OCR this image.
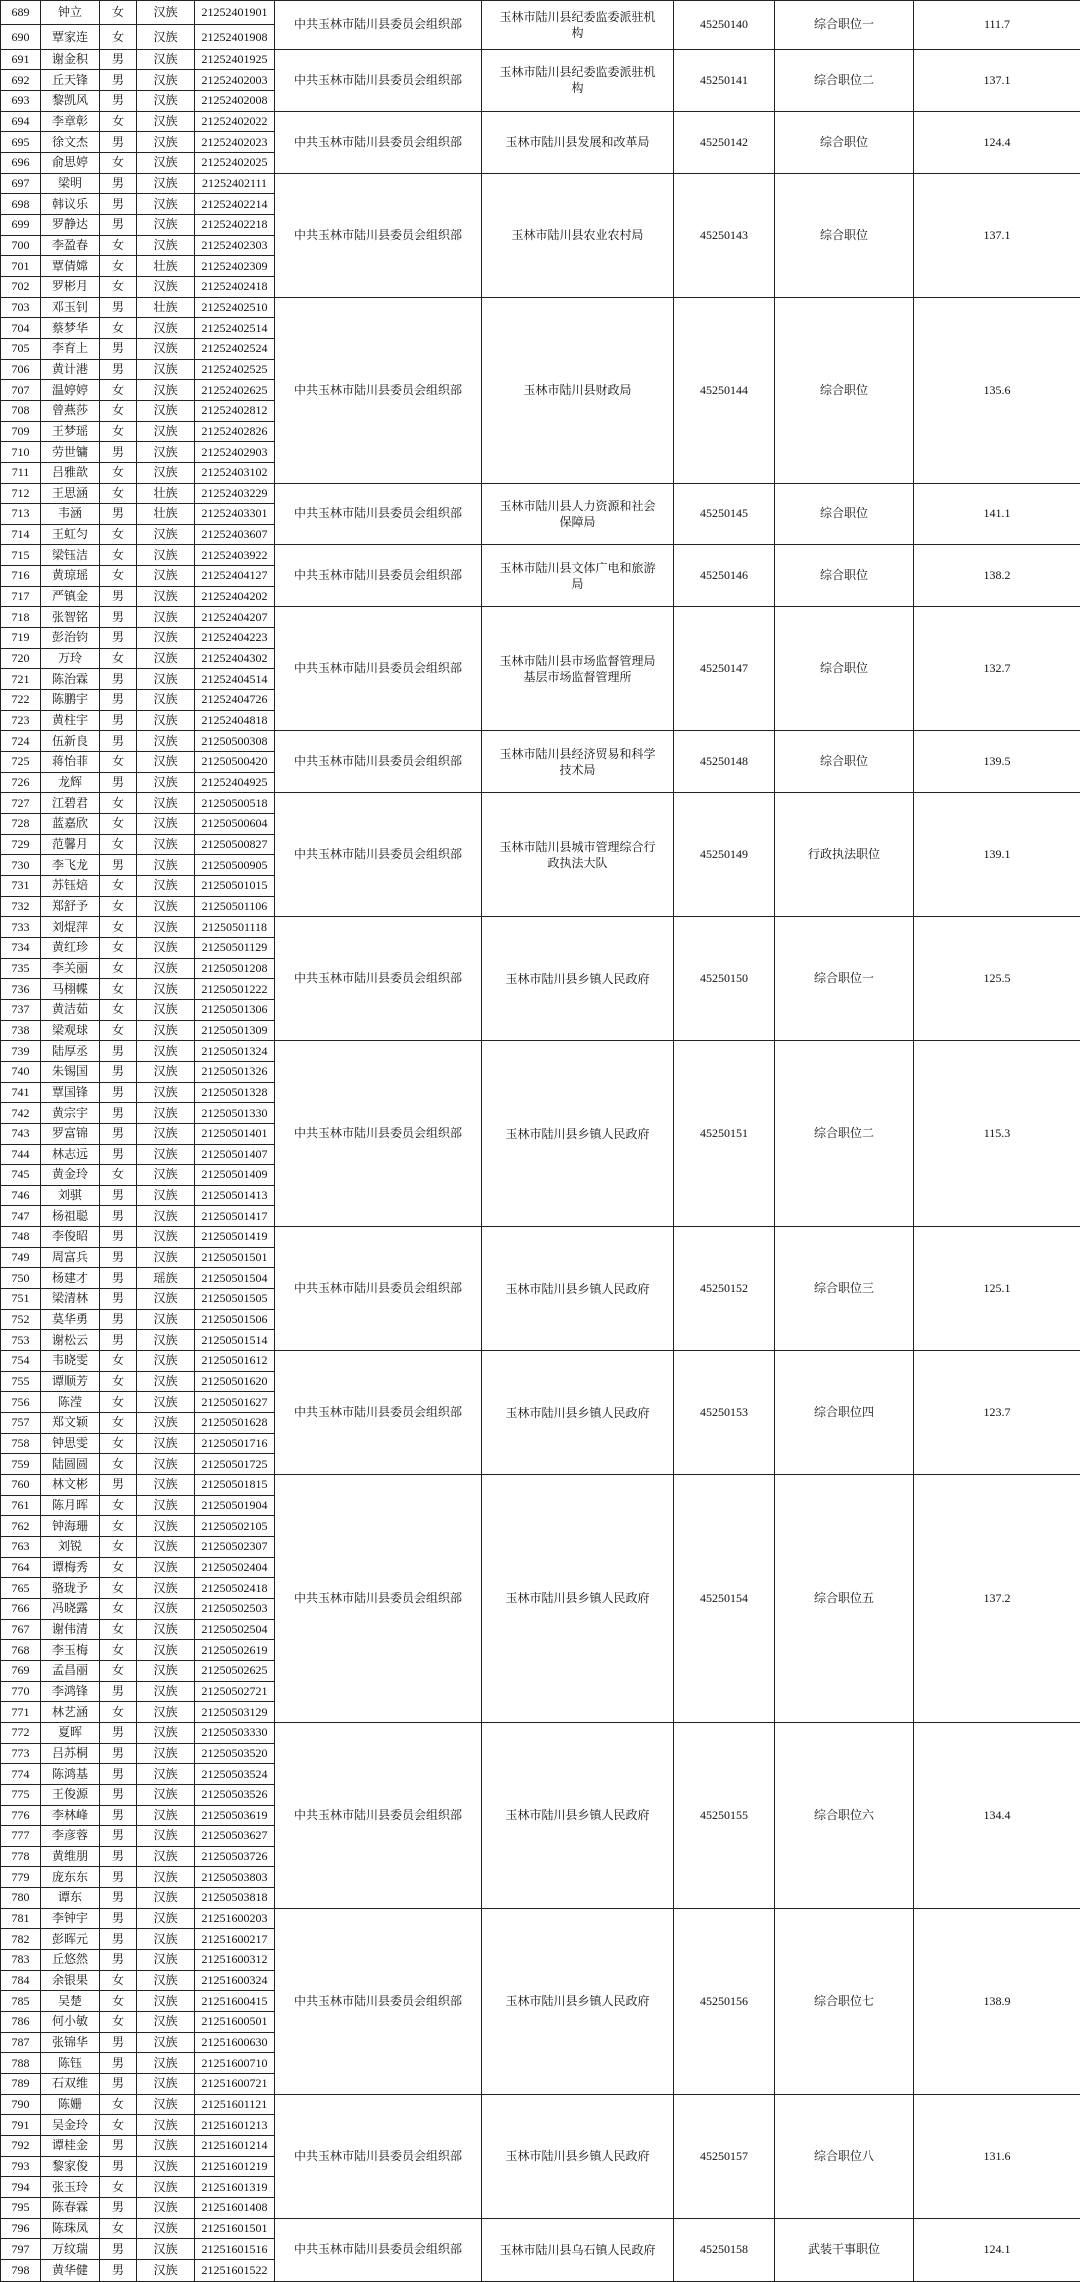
689	钟立	女	汉族	21252401901	中共玉林市陆川县委员会组织部	玉林市陆川县纪委监委派驻机构	45250140	综合职位一	111.7
690	覃家连	女	汉族	21252401908					
691	谢金积	男	汉族	21252401925	中共玉林市陆川县委员会组织部	玉林市陆川县纪委监委派驻机构	45250141	综合职位二	137.1
692	丘天锋	男	汉族	21252402003					
693	黎凯风	男	汉族	21252402008					
694	李章彰	女	汉族	21252402022	中共玉林市陆川县委员会组织部	玉林市陆川县发展和改革局	45250142	综合职位	124.4
695	徐文杰	男	汉族	21252402023					
696	俞思婷	女	汉族	21252402025					
697	梁明	男	汉族	21252402111	中共玉林市陆川县委员会组织部	玉林市陆川县农业农村局	45250143	综合职位	137.1
698	韩议乐	男	汉族	21252402214					
699	罗静达	男	汉族	21252402218					
700	李盈春	女	汉族	21252402303					
701	覃倩嫦	女	壮族	21252402309					
702	罗彬月	女	汉族	21252402418					
703	邓玉钊	男	壮族	21252402510	中共玉林市陆川县委员会组织部	玉林市陆川县财政局	45250144	综合职位	135.6
704	蔡梦华	女	汉族	21252402514					
705	李育上	男	汉族	21252402524					
706	黄计港	男	汉族	21252402525					
707	温婷婷	女	汉族	21252402625					
708	曾燕莎	女	汉族	21252402812					
709	王梦瑶	女	汉族	21252402826					
710	劳世镛	男	汉族	21252402903					
711	吕雅歆	女	汉族	21252403102					
712	王思涵	女	壮族	21252403229	中共玉林市陆川县委员会组织部	玉林市陆川县人力资源和社会保障局	45250145	综合职位	141.1
713	韦涵	男	壮族	21252403301					
714	王虹匀	女	汉族	21252403607					
715	梁钰洁	女	汉族	21252403922	中共玉林市陆川县委员会组织部	玉林市陆川县文体广电和旅游局	45250146	综合职位	138.2
716	黄琼瑶	女	汉族	21252404127					
717	严镇金	男	汉族	21252404202					
718	张智铭	男	汉族	21252404207	中共玉林市陆川县委员会组织部	玉林市陆川县市场监督管理局基层市场监督管理所	45250147	综合职位	132.7
719	彭治钧	男	汉族	21252404223					
720	万玲	女	汉族	21252404302					
721	陈治霖	男	汉族	21252404514					
722	陈鹏宇	男	汉族	21252404726					
723	黄柱宇	男	汉族	21252404818					
724	伍新良	男	汉族	21250500308	中共玉林市陆川县委员会组织部	玉林市陆川县经济贸易和科学技术局	45250148	综合职位	139.5
725	蒋怡菲	女	汉族	21250500420					
726	龙辉	男	汉族	21252404925					
727	江碧君	女	汉族	21250500518	中共玉林市陆川县委员会组织部	玉林市陆川县城市管理综合行政执法大队	45250149	行政执法职位	139.1
728	蓝嘉欣	女	汉族	21250500604					
729	范馨月	女	汉族	21250500827					
730	李飞龙	男	汉族	21250500905					
731	苏钰焙	女	汉族	21250501015					
732	郑舒予	女	汉族	21250501106					
733	刘焜萍	女	汉族	21250501118	中共玉林市陆川县委员会组织部	玉林市陆川县乡镇人民政府	45250150	综合职位一	125.5
734	黄红珍	女	汉族	21250501129					
735	李关丽	女	汉族	21250501208					
736	马栩幉	女	汉族	21250501222					
737	黄洁茹	女	汉族	21250501306					
738	梁观球	女	汉族	21250501309					
739	陆厚丞	男	汉族	21250501324	中共玉林市陆川县委员会组织部	玉林市陆川县乡镇人民政府	45250151	综合职位二	115.3
740	朱锡国	男	汉族	21250501326					
741	覃国锋	男	汉族	21250501328					
742	黄宗宇	男	汉族	21250501330					
743	罗富锦	男	汉族	21250501401					
744	林志远	男	汉族	21250501407					
745	黄金玲	女	汉族	21250501409					
746	刘骐	男	汉族	21250501413					
747	杨祖聪	男	汉族	21250501417					
748	李俊昭	男	汉族	21250501419	中共玉林市陆川县委员会组织部	玉林市陆川县乡镇人民政府	45250152	综合职位三	125.1
749	周富兵	男	汉族	21250501501					
750	杨建才	男	瑶族	21250501504					
751	梁清林	男	汉族	21250501505					
752	莫华勇	男	汉族	21250501506					
753	谢松云	男	汉族	21250501514					
754	韦晓雯	女	汉族	21250501612	中共玉林市陆川县委员会组织部	玉林市陆川县乡镇人民政府	45250153	综合职位四	123.7
755	谭顺芳	女	汉族	21250501620					
756	陈滢	女	汉族	21250501627					
757	郑文颖	女	汉族	21250501628					
758	钟思雯	女	汉族	21250501716					
759	陆圆圆	女	汉族	21250501725					
760	林文彬	男	汉族	21250501815	中共玉林市陆川县委员会组织部	玉林市陆川县乡镇人民政府	45250154	综合职位五	137.2
761	陈月晖	女	汉族	21250501904					
762	钟海珊	女	汉族	21250502105					
763	刘锐	女	汉族	21250502307					
764	谭梅秀	女	汉族	21250502404					
765	骆珑予	女	汉族	21250502418					
766	冯晓露	女	汉族	21250502503					
767	谢伟清	女	汉族	21250502504					
768	李玉梅	女	汉族	21250502619					
769	孟昌丽	女	汉族	21250502625					
770	李鸿锋	男	汉族	21250502721					
771	林艺涵	女	汉族	21250503129					
772	夏晖	男	汉族	21250503330	中共玉林市陆川县委员会组织部	玉林市陆川县乡镇人民政府	45250155	综合职位六	134.4
773	吕苏桐	男	汉族	21250503520					
774	陈鸿基	男	汉族	21250503524					
775	王俊源	男	汉族	21250503526					
776	李林峰	男	汉族	21250503619					
777	李彦蓉	男	汉族	21250503627					
778	黄维朋	男	汉族	21250503726					
779	庞东东	男	汉族	21250503803					
780	谭东	男	汉族	21250503818					
781	李钟宇	男	汉族	21251600203	中共玉林市陆川县委员会组织部	玉林市陆川县乡镇人民政府	45250156	综合职位七	138.9
782	彭晖元	男	汉族	21251600217					
783	丘悠然	男	汉族	21251600312					
784	余银果	女	汉族	21251600324					
785	吴楚	女	汉族	21251600415					
786	何小敏	女	汉族	21251600501					
787	张锦华	男	汉族	21251600630					
788	陈钰	男	汉族	21251600710					
789	石双维	男	汉族	21251600721					
790	陈姗	女	汉族	21251601121	中共玉林市陆川县委员会组织部	玉林市陆川县乡镇人民政府	45250157	综合职位八	131.6
791	吴金玲	女	汉族	21251601213					
792	谭桂金	男	汉族	21251601214					
793	黎家俊	男	汉族	21251601219					
794	张玉玲	女	汉族	21251601319					
795	陈春霖	男	汉族	21251601408					
796	陈珠凤	女	汉族	21251601501	中共玉林市陆川县委员会组织部	玉林市陆川县乌石镇人民政府	45250158	武装干事职位	124.1
797	万纹瑞	男	汉族	21251601516					
798	黄华健	男	汉族	21251601522					
